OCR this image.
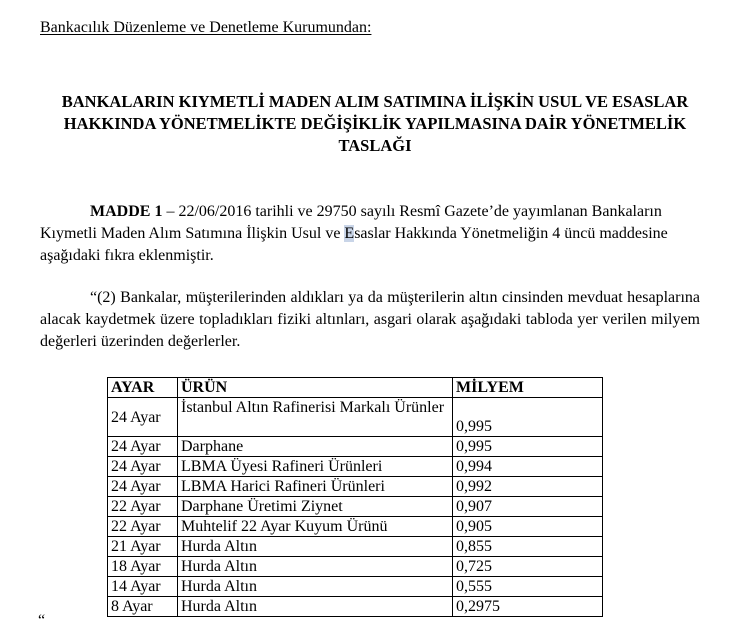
Bankacılık Düzenleme ve Denetleme Kurumundan:
BANKALARIN KIYMETLİ MADEN ALIM SATIMINA İLİŞKİN USUL VE ESASLAR
HAKKINDA YÖNETMELİKTE DEĞİŞİKLİK YAPILMASINA DAİR YÖNETMELİK
TASLAĞI
MADDE 1 – 22/06/2016 tarihli ve 29750 sayılı Resmî Gazete’de yayımlanan Bankaların Kıymetli Maden Alım Satımına İlişkin Usul ve Esaslar Hakkında Yönetmeliğin 4 üncü maddesine aşağıdaki fıkra eklenmiştir.
“(2) Bankalar, müşterilerinden aldıkları ya da müşterilerin altın cinsinden mevduat hesaplarına alacak kaydetmek üzere topladıkları fiziki altınları, asgari olarak aşağıdaki tabloda yer verilen milyem değerleri üzerinden değerlerler.
AYAR	ÜRÜN	MİLYEM
24 Ayar	İstanbul Altın Rafinerisi Markalı Ürünler	0,995
24 Ayar	Darphane	0,995
24 Ayar	LBMA Üyesi Rafineri Ürünleri	0,994
24 Ayar	LBMA Harici Rafineri Ürünleri	0,992
22 Ayar	Darphane Üretimi Ziynet	0,907
22 Ayar	Muhtelif 22 Ayar Kuyum Ürünü	0,905
21 Ayar	Hurda Altın	0,855
18 Ayar	Hurda Altın	0,725
14 Ayar	Hurda Altın	0,555
8 Ayar	Hurda Altın	0,2975
“
